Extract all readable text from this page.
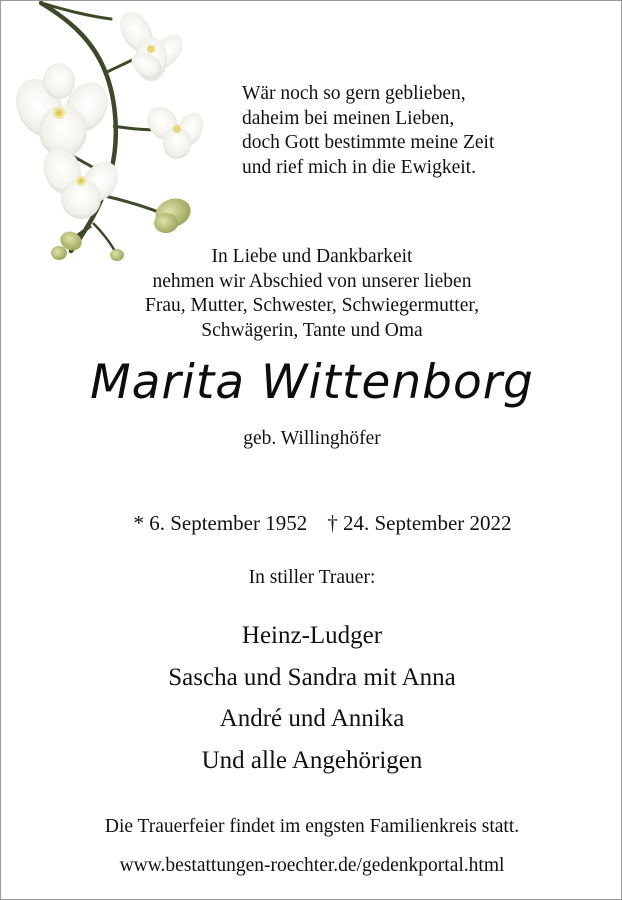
Wär noch so gern geblieben,
daheim bei meinen Lieben,
doch Gott bestimmte meine Zeit
und rief mich in die Ewigkeit.
In Liebe und Dankbarkeit
nehmen wir Abschied von unserer lieben
Frau, Mutter, Schwester, Schwiegermutter,
Schwägerin, Tante und Oma
Marita Wittenborg
geb. Willinghöfer

* 6. September 1952 † 24. September 2022

In stiller Trauer:
Heinz-Ludger
Sascha und Sandra mit Anna
André und Annika
Und alle Angehörigen
Die Trauerfeier findet im engsten Familienkreis statt.
www.bestattungen-roechter.de/gedenkportal.html
